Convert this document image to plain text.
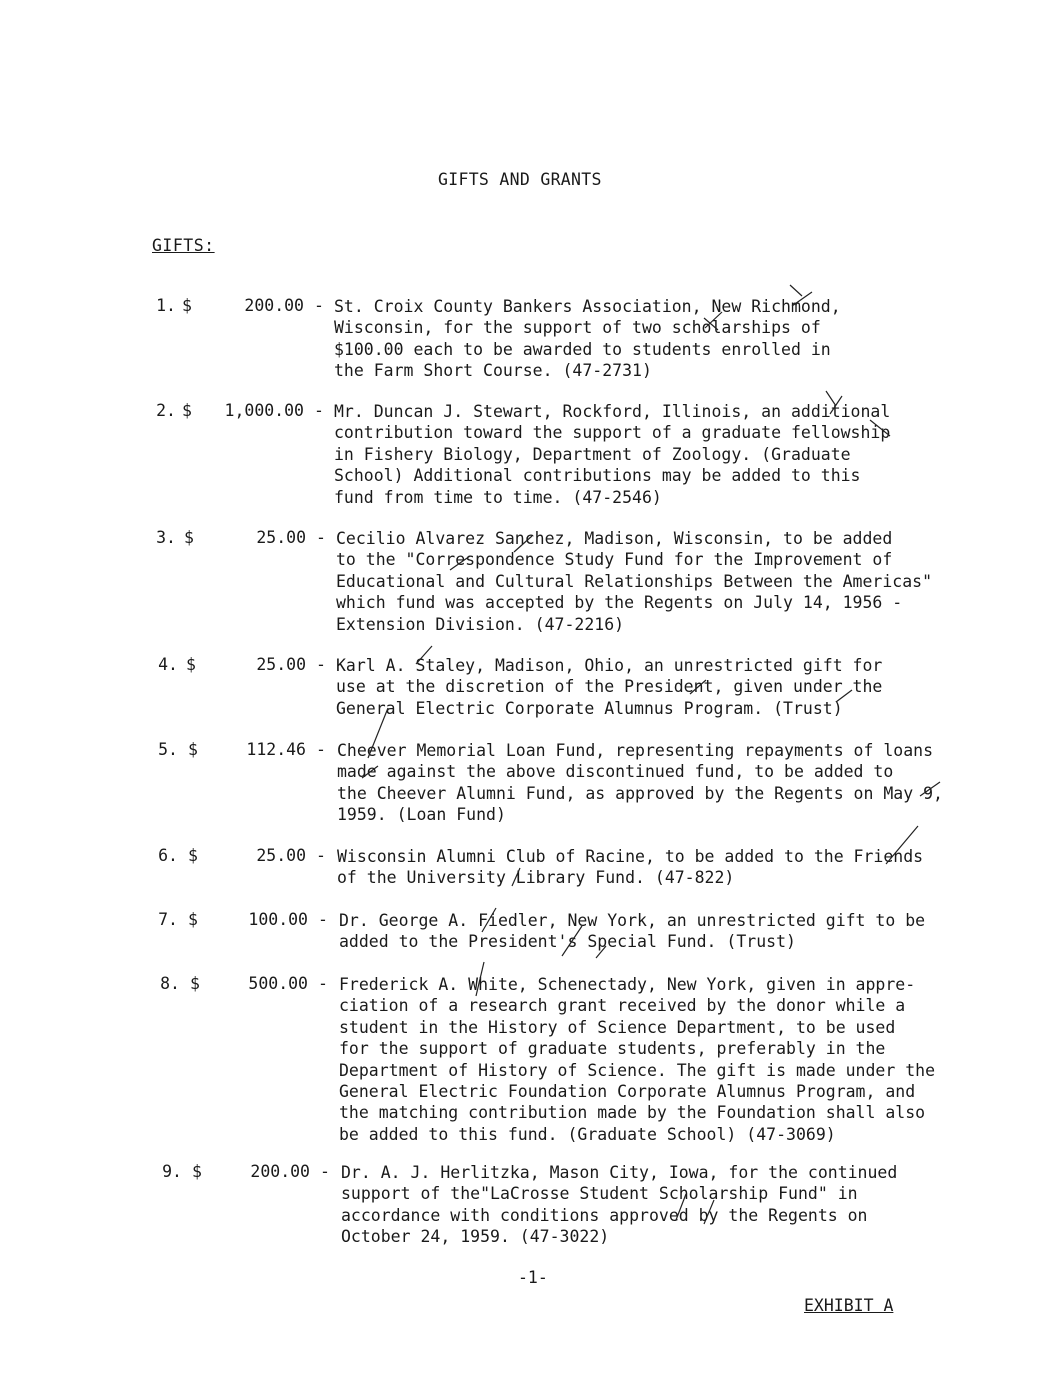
GIFTS AND GRANTS
GIFTS:
1. $	200.00 - St. Croix County Bankers Association, New Richmond,
Wisconsin, for the support of two scholarships of
$100.00 each to be awarded to students enrolled in
the Farm Short Course. (47-2731)
2. $	1,000.00 - Mr. Duncan J. Stewart, Rockford, Illinois, an additional
contribution toward the support of a graduate fellowship
in Fishery Biology, Department of Zoology. (Graduate
School) Additional contributions may be added to this
fund from time to time. (47-2546)
3. $	25.00 - Cecilio Alvarez Sanchez, Madison, Wisconsin, to be added
to the "Correspondence Study Fund for the Improvement of
Educational and Cultural Relationships Between the Americas"
which fund was accepted by the Regents on July 14, 1956 -
Extension Division. (47-2216)
4. $	25.00 - Karl A. Staley, Madison, Ohio, an unrestricted gift for
use at the discretion of the President, given under the
General Electric Corporate Alumnus Program. (Trust)
5. $	112.46 - Cheever Memorial Loan Fund, representing repayments of loans
made against the above discontinued fund, to be added to
the Cheever Alumni Fund, as approved by the Regents on May 9,
1959. (Loan Fund)
6. $	25.00 - Wisconsin Alumni Club of Racine, to be added to the Friends
of the University Library Fund. (47-822)
7. $	100.00 - Dr. George A. Fiedler, New York, an unrestricted gift to be
added to the President's Special Fund. (Trust)
8. $	500.00 - Frederick A. White, Schenectady, New York, given in appre-
ciation of a research grant received by the donor while a
student in the History of Science Department, to be used
for the support of graduate students, preferably in the
Department of History of Science. The gift is made under the
General Electric Foundation Corporate Alumnus Program, and
the matching contribution made by the Foundation shall also
be added to this fund. (Graduate School) (47-3069)
9. $	200.00 - Dr. A. J. Herlitzka, Mason City, Iowa, for the continued
support of the"LaCrosse Student Scholarship Fund" in
accordance with conditions approved by the Regents on
October 24, 1959. (47-3022)
-1-
EXHIBIT A
